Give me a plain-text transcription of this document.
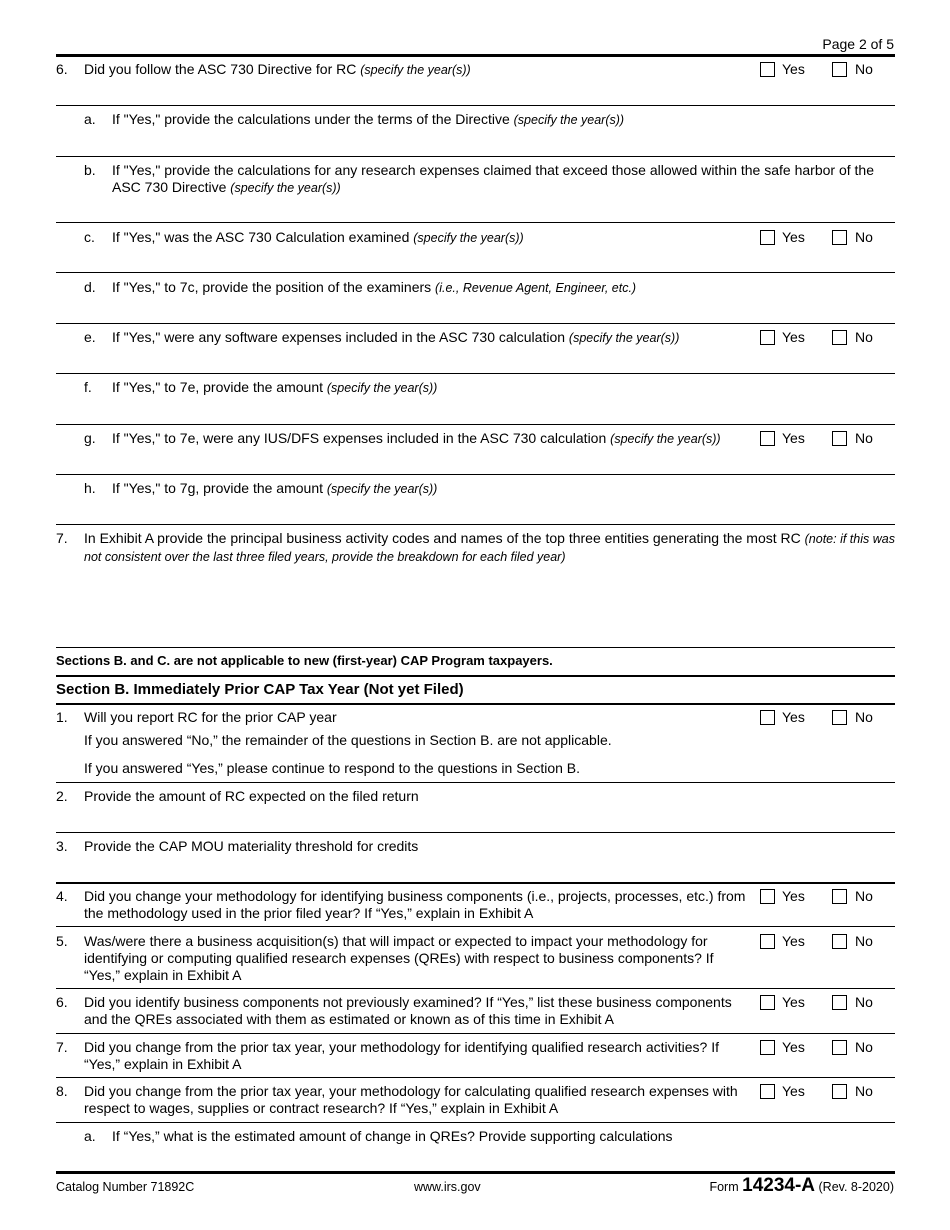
Page 2 of 5
6. Did you follow the ASC 730 Directive for RC (specify the year(s))	Yes	No
a. If "Yes," provide the calculations under the terms of the Directive (specify the year(s))
b. If "Yes," provide the calculations for any research expenses claimed that exceed those allowed within the safe harbor of the ASC 730 Directive (specify the year(s))
c. If "Yes," was the ASC 730 Calculation examined (specify the year(s))	Yes	No
d. If "Yes," to 7c, provide the position of the examiners (i.e., Revenue Agent, Engineer, etc.)
e. If "Yes," were any software expenses included in the ASC 730 calculation (specify the year(s))	Yes	No
f. If "Yes," to 7e, provide the amount (specify the year(s))
g. If "Yes," to 7e, were any IUS/DFS expenses included in the ASC 730 calculation (specify the year(s))	Yes	No
h. If "Yes," to 7g, provide the amount (specify the year(s))
7. In Exhibit A provide the principal business activity codes and names of the top three entities generating the most RC (note: if this was not consistent over the last three filed years, provide the breakdown for each filed year)
Sections B. and C. are not applicable to new (first-year) CAP Program taxpayers.
Section B. Immediately Prior CAP Tax Year (Not yet Filed)
1. Will you report RC for the prior CAP year	Yes	No
If you answered “No,” the remainder of the questions in Section B. are not applicable.
If you answered “Yes,” please continue to respond to the questions in Section B.
2. Provide the amount of RC expected on the filed return
3. Provide the CAP MOU materiality threshold for credits
4. Did you change your methodology for identifying business components (i.e., projects, processes, etc.) from the methodology used in the prior filed year? If “Yes,” explain in Exhibit A
Yes	No
5. Was/were there a business acquisition(s) that will impact or expected to impact your methodology for identifying or computing qualified research expenses (QREs) with respect to business components? If “Yes,” explain in Exhibit A
Yes	No
6. Did you identify business components not previously examined? If “Yes,” list these business components and the QREs associated with them as estimated or known as of this time in Exhibit A
Yes	No
7. Did you change from the prior tax year, your methodology for identifying qualified research activities? If “Yes,” explain in Exhibit A
Yes	No
8. Did you change from the prior tax year, your methodology for calculating qualified research expenses with respect to wages, supplies or contract research? If “Yes,” explain in Exhibit A
Yes	No
a. If “Yes,” what is the estimated amount of change in QREs? Provide supporting calculations
Catalog Number 71892C	www.irs.gov	Form 14234-A (Rev. 8-2020)
